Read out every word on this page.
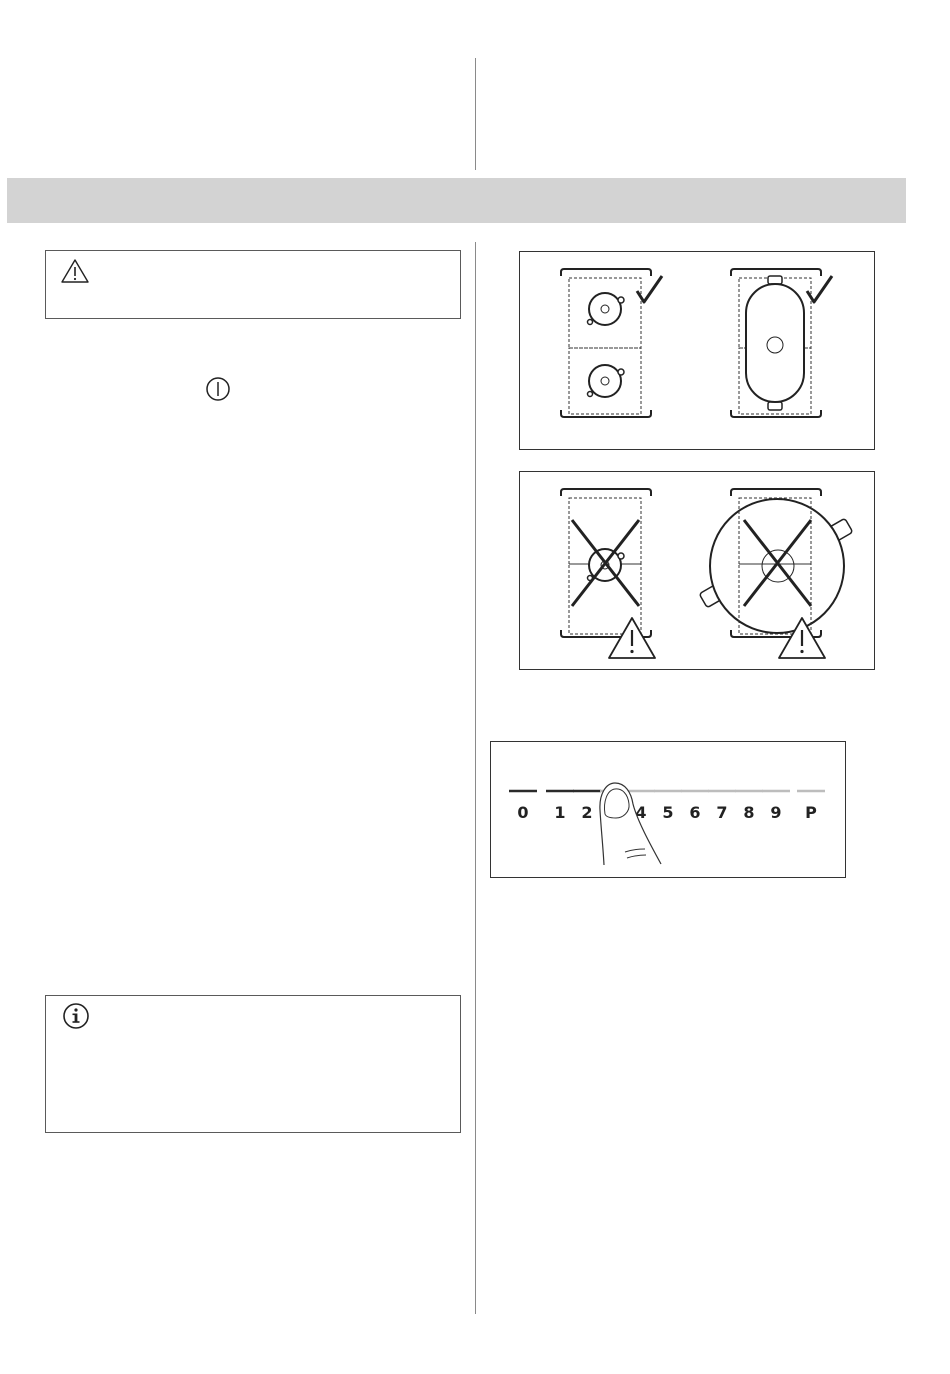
0 1 2	4 5 6 7 8 9 P
